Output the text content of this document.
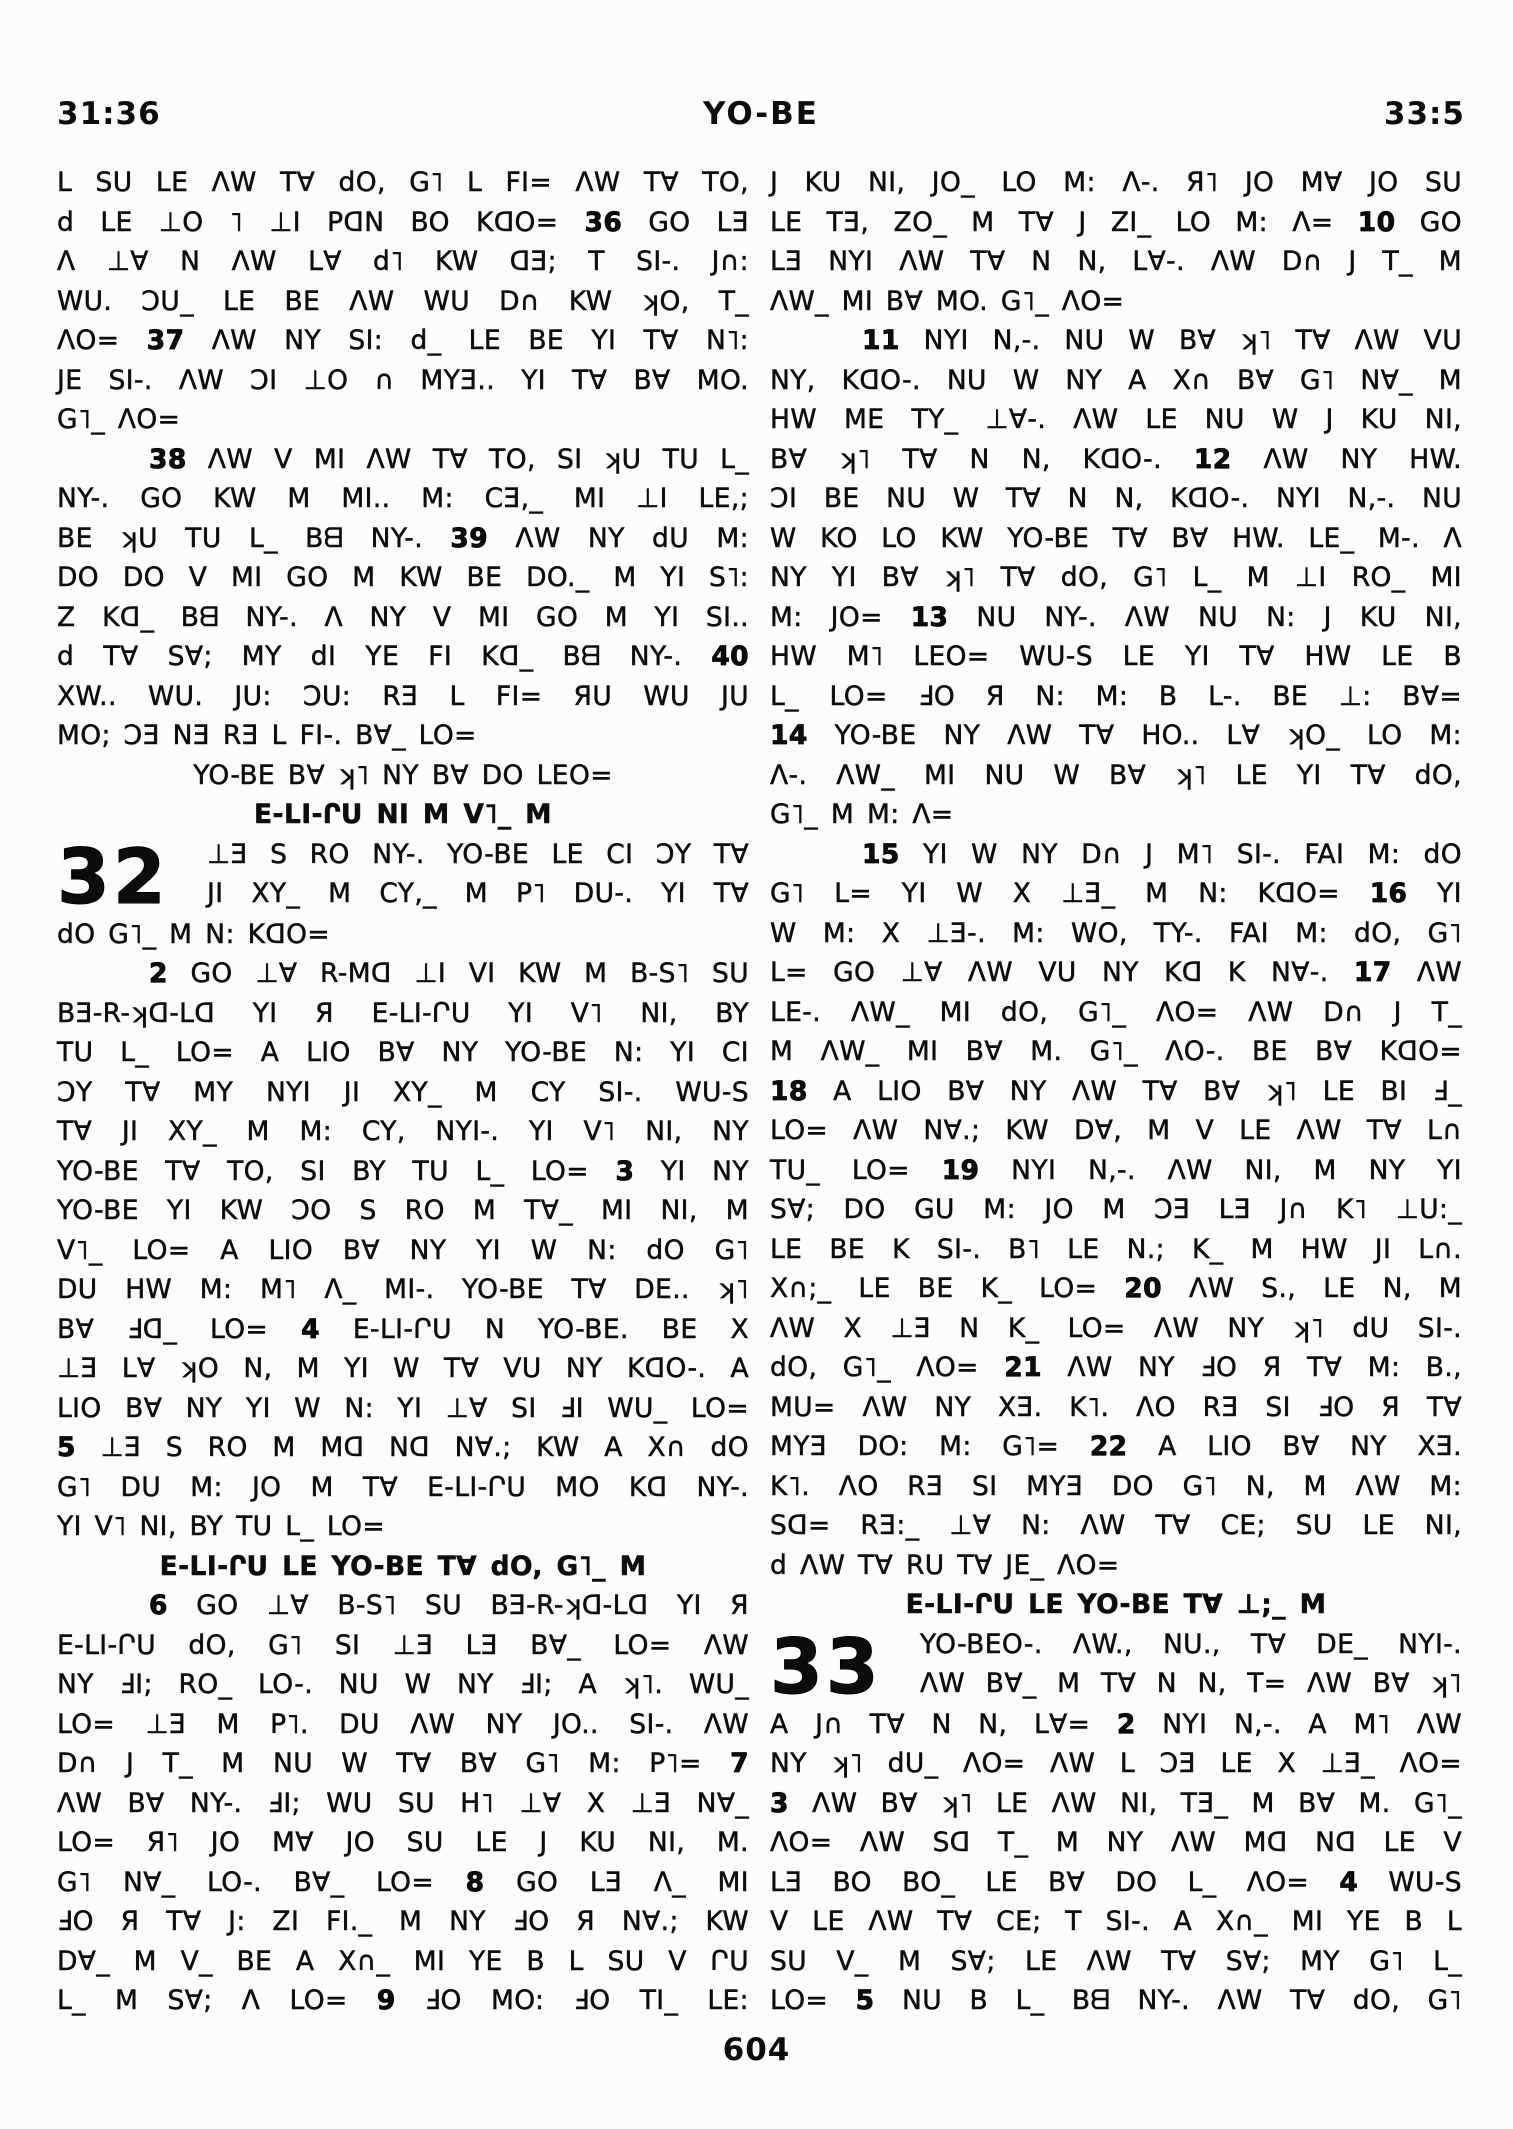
31:36	YO-BE	33:5
L SU LE ΛW T∀ dO, G˥ L FI= ΛW T∀ TO,
d LE ⊥O ˥ ⊥I PᗡN BO KᗡO= 36 GO LƎ
Λ ⊥∀ N ΛW L∀ d˥ KW ᗡƎ; T SI-. J∩:
WU. ƆU_ LE BE ΛW WU D∩ KW ʞO, T_
ΛO= 37 ΛW NY SI: d_ LE BE YI T∀ N˥:
JE SI-. ΛW ƆI ⊥O ∩ MYƎ.. YI T∀ B∀ MO.
G˥_ ΛO=
38 ΛW V MI ΛW T∀ TO, SI ʞU TU L_
NY-. GO KW M MI.. M: CƎ,_ MI ⊥I LE,;
BE ʞU TU L_ Bᗺ NY-. 39 ΛW NY dU M:
DO DO V MI GO M KW BE DO._ M YI S˥:
Z Kᗡ_ Bᗺ NY-. Λ NY V MI GO M YI SI..
d T∀ S∀; MY dI YE FI Kᗡ_ Bᗺ NY-. 40
XW.. WU. JU: ƆU: RƎ L FI= ЯU WU JU
MO; ƆƎ NƎ RƎ L FI-. B∀_ LO=
YO-BE B∀ ʞ˥ NY B∀ DO LEO=
E-LI-ՐU NI M V˥_ M
32	⊥Ǝ S RO NY-. YO-BE LE CI ƆY T∀
JI XY_ M CY,_ M P˥ DU-. YI T∀
dO G˥_ M N: KᗡO=
2 GO ⊥∀ R-Mᗡ ⊥I VI KW M B-S˥ SU
BƎ-R-ʞᗡ-Lᗡ YI Я E-LI-ՐU YI V˥ NI, BY
TU L_ LO= A LIO B∀ NY YO-BE N: YI CI
ƆY T∀ MY NYI JI XY_ M CY SI-. WU-S
T∀ JI XY_ M M: CY, NYI-. YI V˥ NI, NY
YO-BE T∀ TO, SI BY TU L_ LO= 3 YI NY
YO-BE YI KW ƆO S RO M T∀_ MI NI, M
V˥_ LO= A LIO B∀ NY YI W N: dO G˥
DU HW M: M˥ Λ_ MI-. YO-BE T∀ DE.. ʞ˥
B∀ Ⅎᗡ_ LO= 4 E-LI-ՐU N YO-BE. BE X
⊥Ǝ L∀ ʞO N, M YI W T∀ VU NY KᗡO-. A
LIO B∀ NY YI W N: YI ⊥∀ SI ℲI WU_ LO=
5 ⊥Ǝ S RO M Mᗡ Nᗡ N∀.; KW A X∩ dO
G˥ DU M: JO M T∀ E-LI-ՐU MO Kᗡ NY-.
YI V˥ NI, BY TU L_ LO=
E-LI-ՐU LE YO-BE T∀ dO, G˥_ M
6 GO ⊥∀ B-S˥ SU BƎ-R-ʞᗡ-Lᗡ YI Я
E-LI-ՐU dO, G˥ SI ⊥Ǝ LƎ B∀_ LO= ΛW
NY ℲI; RO_ LO-. NU W NY ℲI; A ʞ˥. WU_
LO= ⊥Ǝ M P˥. DU ΛW NY JO.. SI-. ΛW
D∩ J T_ M NU W T∀ B∀ G˥ M: P˥= 7
ΛW B∀ NY-. ℲI; WU SU H˥ ⊥∀ X ⊥Ǝ N∀_
LO= Я˥ JO M∀ JO SU LE J KU NI, M.
G˥ N∀_ LO-. B∀_ LO= 8 GO LƎ Λ_ MI
ℲO Я T∀ J: ZI FI._ M NY ℲO Я N∀.; KW
D∀_ M V_ BE A X∩_ MI YE B L SU V ՐU
L_ M S∀; Λ LO= 9 ℲO MO: ℲO TI_ LE:
J KU NI, JO_ LO M: Λ-. Я˥ JO M∀ JO SU
LE TƎ, ZO_ M T∀ J ZI_ LO M: Λ= 10 GO
LƎ NYI ΛW T∀ N N, L∀-. ΛW D∩ J T_ M
ΛW_ MI B∀ MO. G˥_ ΛO=
11 NYI N,-. NU W B∀ ʞ˥ T∀ ΛW VU
NY, KᗡO-. NU W NY A X∩ B∀ G˥ N∀_ M
HW ME TY_ ⊥∀-. ΛW LE NU W J KU NI,
B∀ ʞ˥ T∀ N N, KᗡO-. 12 ΛW NY HW.
ƆI BE NU W T∀ N N, KᗡO-. NYI N,-. NU
W KO LO KW YO-BE T∀ B∀ HW. LE_ M-. Λ
NY YI B∀ ʞ˥ T∀ dO, G˥ L_ M ⊥I RO_ MI
M: JO= 13 NU NY-. ΛW NU N: J KU NI,
HW M˥ LEO= WU-S LE YI T∀ HW LE B
L_ LO= ℲO Я N: M: B L-. BE ⊥: B∀=
14 YO-BE NY ΛW T∀ HO.. L∀ ʞO_ LO M:
Λ-. ΛW_ MI NU W B∀ ʞ˥ LE YI T∀ dO,
G˥_ M M: Λ=
15 YI W NY D∩ J M˥ SI-. FAI M: dO
G˥ L= YI W X ⊥Ǝ_ M N: KᗡO= 16 YI
W M: X ⊥Ǝ-. M: WO, TY-. FAI M: dO, G˥
L= GO ⊥∀ ΛW VU NY Kᗡ K N∀-. 17 ΛW
LE-. ΛW_ MI dO, G˥_ ΛO= ΛW D∩ J T_
M ΛW_ MI B∀ M. G˥_ ΛO-. BE B∀ KᗡO=
18 A LIO B∀ NY ΛW T∀ B∀ ʞ˥ LE BI Ⅎ_
LO= ΛW N∀.; KW D∀, M V LE ΛW T∀ L∩
TU_ LO= 19 NYI N,-. ΛW NI, M NY YI
S∀; DO GU M: JO M ƆƎ LƎ J∩ K˥ ⊥U:_
LE BE K SI-. B˥ LE N.; K_ M HW JI L∩.
X∩;_ LE BE K_ LO= 20 ΛW S., LE N, M
ΛW X ⊥Ǝ N K_ LO= ΛW NY ʞ˥ dU SI-.
dO, G˥_ ΛO= 21 ΛW NY ℲO Я T∀ M: B.,
MU= ΛW NY XƎ. K˥. ΛO RƎ SI ℲO Я T∀
MYƎ DO: M: G˥= 22 A LIO B∀ NY XƎ.
K˥. ΛO RƎ SI MYƎ DO G˥ N, M ΛW M:
Sᗡ= RƎ:_ ⊥∀ N: ΛW T∀ CE; SU LE NI,
d ΛW T∀ RU T∀ JE_ ΛO=
E-LI-ՐU LE YO-BE T∀ ⊥;_ M
33	YO-BEO-. ΛW., NU., T∀ DE_ NYI-.
ΛW B∀_ M T∀ N N, T= ΛW B∀ ʞ˥
A J∩ T∀ N N, L∀= 2 NYI N,-. A M˥ ΛW
NY ʞ˥ dU_ ΛO= ΛW L ƆƎ LE X ⊥Ǝ_ ΛO=
3 ΛW B∀ ʞ˥ LE ΛW NI, TƎ_ M B∀ M. G˥_
ΛO= ΛW Sᗡ T_ M NY ΛW Mᗡ Nᗡ LE V
LƎ BO BO_ LE B∀ DO L_ ΛO= 4 WU-S
V LE ΛW T∀ CE; T SI-. A X∩_ MI YE B L
SU V_ M S∀; LE ΛW T∀ S∀; MY G˥ L_
LO= 5 NU B L_ Bᗺ NY-. ΛW T∀ dO, G˥
604
